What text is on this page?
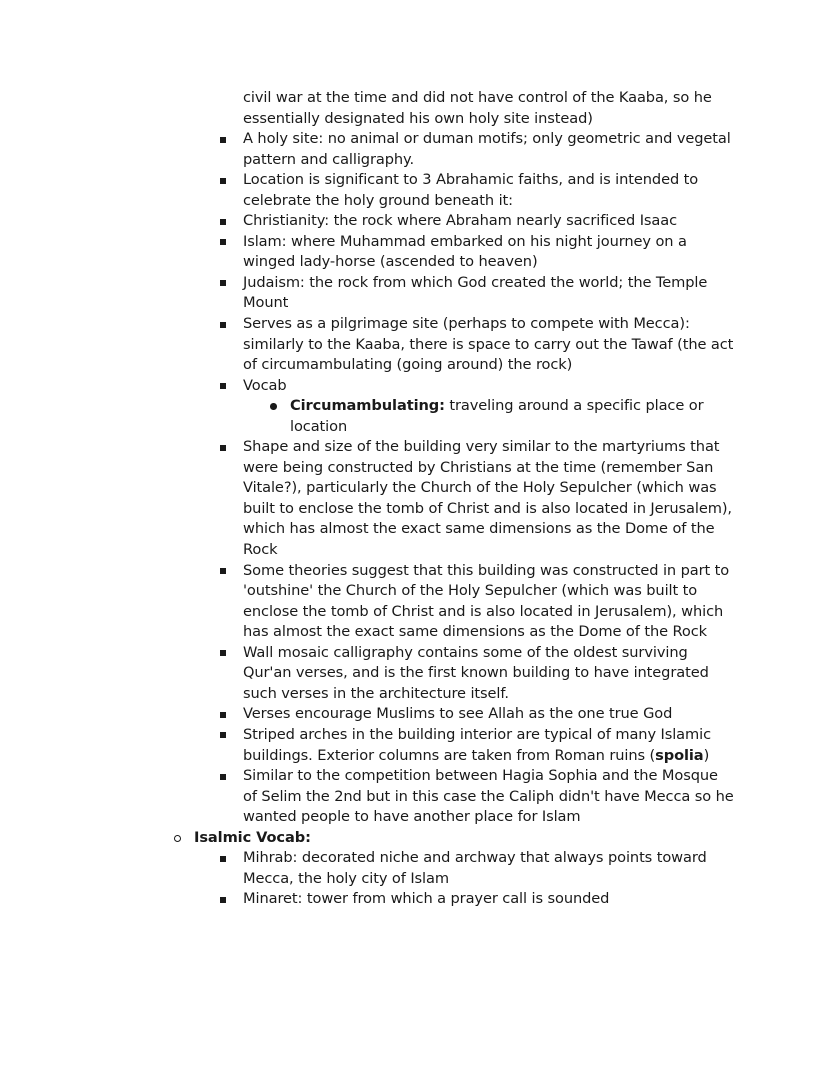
civil war at the time and did not have control of the Kaaba, so he essentially designated his own holy site instead)
A holy site: no animal or duman motifs; only geometric and vegetal pattern and calligraphy.
Location is significant to 3 Abrahamic faiths, and is intended to celebrate the holy ground beneath it:
Christianity: the rock where Abraham nearly sacrificed Isaac
Islam: where Muhammad embarked on his night journey on a winged lady-horse (ascended to heaven)
Judaism: the rock from which God created the world; the Temple Mount
Serves as a pilgrimage site (perhaps to compete with Mecca): similarly to the Kaaba, there is space to carry out the Tawaf (the act of circumambulating (going around) the rock)
Vocab
Circumambulating: traveling around a specific place or location
Shape and size of the building very similar to the martyriums that were being constructed by Christians at the time (remember San Vitale?), particularly the Church of the Holy Sepulcher (which was built to enclose the tomb of Christ and is also located in Jerusalem), which has almost the exact same dimensions as the Dome of the Rock
Some theories suggest that this building was constructed in part to 'outshine' the Church of the Holy Sepulcher (which was built to enclose the tomb of Christ and is also located in Jerusalem), which has almost the exact same dimensions as the Dome of the Rock
Wall mosaic calligraphy contains some of the oldest surviving Qur'an verses, and is the first known building to have integrated such verses in the architecture itself.
Verses encourage Muslims to see Allah as the one true God
Striped arches in the building interior are typical of many Islamic buildings. Exterior columns are taken from Roman ruins (spolia)
Similar to the competition between Hagia Sophia and the Mosque of Selim the 2nd but in this case the Caliph didn't have Mecca so he wanted people to have another place for Islam
Isalmic Vocab:
Mihrab: decorated niche and archway that always points toward Mecca, the holy city of Islam
Minaret: tower from which a prayer call is sounded
